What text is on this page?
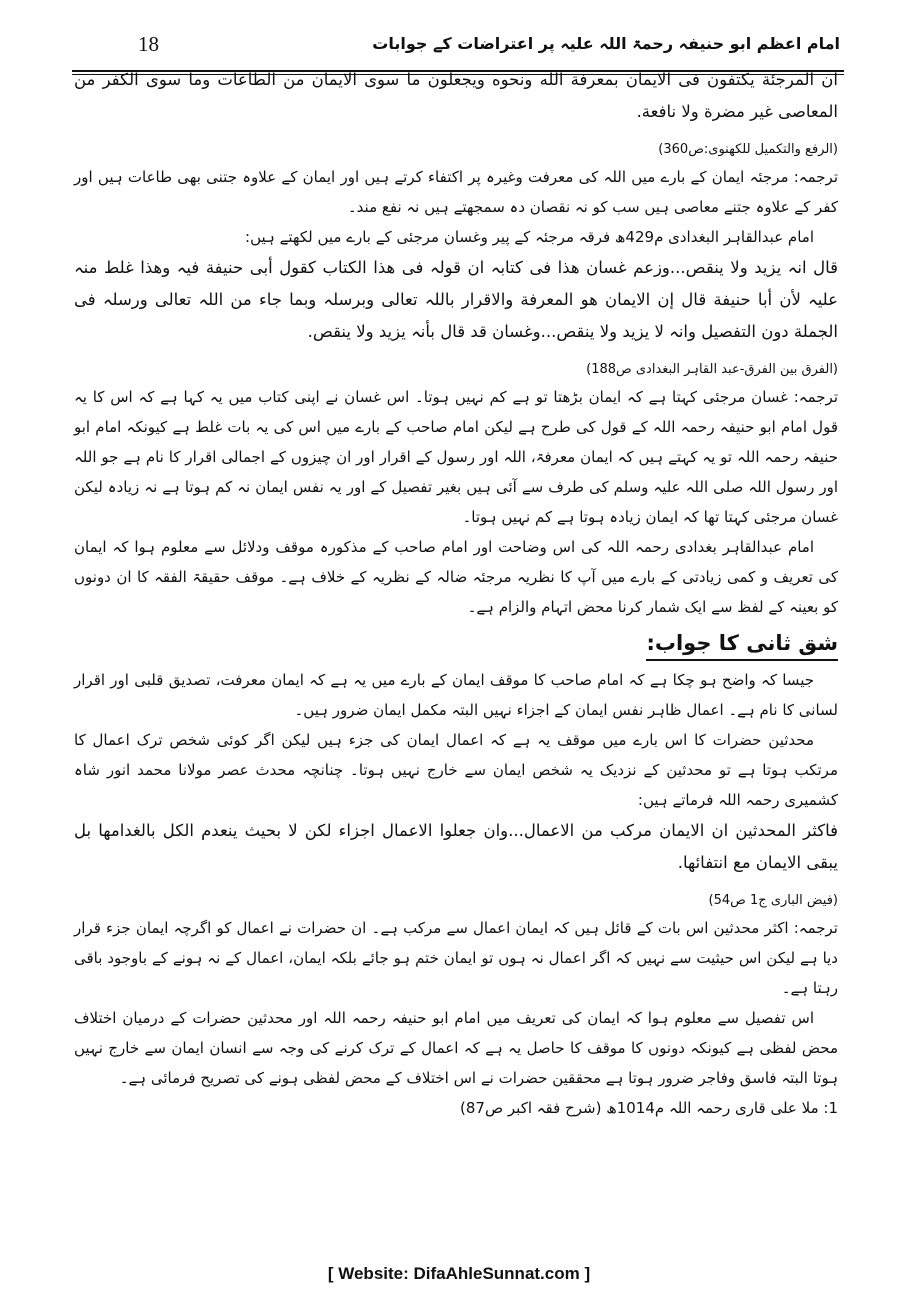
18	امام اعظم ابو حنیفہ رحمۃ اللہ علیہ پر اعتراضات کے جوابات

ان المرجئة یکتفون فی الایمان بمعرفة الله ونحوه ویجعلون ما سوی الایمان من الطاعات وما سوی الکفر من المعاصی غیر مضرة ولا نافعة.

(الرفع والتکمیل للکھنوی:ص360)

ترجمہ: مرجئہ ایمان کے بارے میں اللہ کی معرفت وغیرہ پر اکتفاء کرتے ہیں اور ایمان کے علاوہ جتنی بھی طاعات ہیں اور کفر کے علاوہ جتنے معاصی ہیں سب کو نہ نقصان دہ سمجھتے ہیں نہ نفع مند۔

امام عبدالقاہر البغدادی م429ھ فرقہ مرجئہ کے پیر وغسان مرجئی کے بارے میں لکھتے ہیں:

قال انہ یزید ولا ینقص...وزعم غسان ھذا فی کتابہ ان قولہ فی ھذا الکتاب کقول أبی حنیفة فیہ وھذا غلط منہ علیہ لأن أبا حنیفة قال إن الایمان ھو المعرفة والاقرار باللہ تعالی وبرسلہ وبما جاء من اللہ تعالی ورسلہ فی الجملة دون التفصیل وانہ لا یزید ولا ینقص...وغسان قد قال بأنہ یزید ولا ینقص.

(الفرق بین الفرق-عبد القاہر البغدادی ص188)

ترجمہ: غسان مرجئی کہتا ہے کہ ایمان بڑھتا تو ہے کم نہیں ہوتا۔ اس غسان نے اپنی کتاب میں یہ کہا ہے کہ اس کا یہ قول امام ابو حنیفہ رحمہ اللہ کے قول کی طرح ہے لیکن امام صاحب کے بارے میں اس کی یہ بات غلط ہے کیونکہ امام ابو حنیفہ رحمہ اللہ تو یہ کہتے ہیں کہ ایمان معرفۃ، اللہ اور رسول کے اقرار اور ان چیزوں کے اجمالی اقرار کا نام ہے جو اللہ اور رسول اللہ صلی اللہ علیہ وسلم کی طرف سے آئی ہیں بغیر تفصیل کے اور یہ نفس ایمان نہ کم ہوتا ہے نہ زیادہ لیکن غسان مرجئی کہتا تھا کہ ایمان زیادہ ہوتا ہے کم نہیں ہوتا۔

امام عبدالقاہر بغدادی رحمہ اللہ کی اس وضاحت اور امام صاحب کے مذکورہ موقف ودلائل سے معلوم ہوا کہ ایمان کی تعریف و کمی زیادتی کے بارے میں آپ کا نظریہ مرجئہ ضالہ کے نظریہ کے خلاف ہے۔ موقف حقیقۃ الفقہ کا ان دونوں کو بعینہ کے لفظ سے ایک شمار کرنا محض اتہام والزام ہے۔

شق ثانی کا جواب:

جیسا کہ واضح ہو چکا ہے کہ امام صاحب کا موقف ایمان کے بارے میں یہ ہے کہ ایمان معرفت، تصدیق قلبی اور اقرار لسانی کا نام ہے۔ اعمال ظاہر نفس ایمان کے اجزاء نہیں البتہ مکمل ایمان ضرور ہیں۔

محدثین حضرات کا اس بارے میں موقف یہ ہے کہ اعمال ایمان کی جزء ہیں لیکن اگر کوئی شخص ترک اعمال کا مرتکب ہوتا ہے تو محدثین کے نزدیک یہ شخص ایمان سے خارج نہیں ہوتا۔ چنانچہ محدث عصر مولانا محمد انور شاہ کشمیری رحمہ اللہ فرماتے ہیں:

فاکثر المحدثین ان الایمان مرکب من الاعمال...وان جعلوا الاعمال اجزاء لکن لا بحیث ینعدم الکل بالغدامھا بل یبقی الایمان مع انتفائھا.

(فیض الباری ج1 ص54)

ترجمہ: اکثر محدثین اس بات کے قائل ہیں کہ ایمان اعمال سے مرکب ہے۔ ان حضرات نے اعمال کو اگرچہ ایمان جزء قرار دیا ہے لیکن اس حیثیت سے نہیں کہ اگر اعمال نہ ہوں تو ایمان ختم ہو جائے بلکہ ایمان، اعمال کے نہ ہونے کے باوجود باقی رہتا ہے۔

اس تفصیل سے معلوم ہوا کہ ایمان کی تعریف میں امام ابو حنیفہ رحمہ اللہ اور محدثین حضرات کے درمیان اختلاف محض لفظی ہے کیونکہ دونوں کا موقف کا حاصل یہ ہے کہ اعمال کے ترک کرنے کی وجہ سے انسان ایمان سے خارج نہیں ہوتا البتہ فاسق وفاجر ضرور ہوتا ہے محققین حضرات نے اس اختلاف کے محض لفظی ہونے کی تصریح فرمائی ہے۔

1: ملا علی قاری رحمہ اللہ م1014ھ (شرح فقہ اکبر ص87)

[ Website: DifaAhleSunnat.com ]
